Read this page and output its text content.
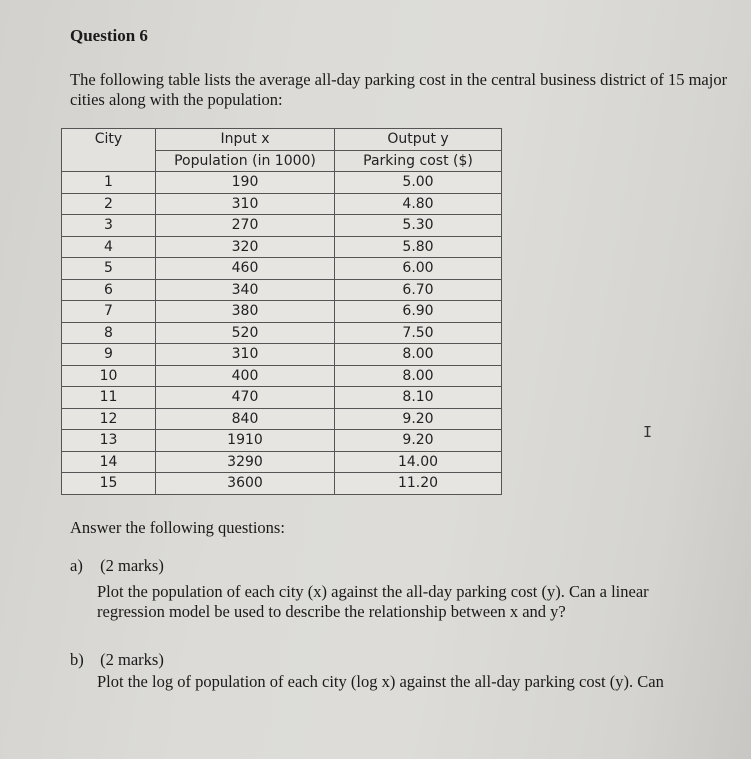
Question 6
The following table lists the average all-day parking cost in the central business district of 15 major cities along with the population:
City	Input x	Output y
	Population (in 1000)	Parking cost ($)
1	190	5.00
2	310	4.80
3	270	5.30
4	320	5.80
5	460	6.00
6	340	6.70
7	380	6.90
8	520	7.50
9	310	8.00
10	400	8.00
11	470	8.10
12	840	9.20
13	1910	9.20
14	3290	14.00
15	3600	11.20
Answer the following questions:
a) (2 marks)
Plot the population of each city (x) against the all-day parking cost (y). Can a linear regression model be used to describe the relationship between x and y?
b) (2 marks)
Plot the log of population of each city (log x) against the all-day parking cost (y). Can
I
